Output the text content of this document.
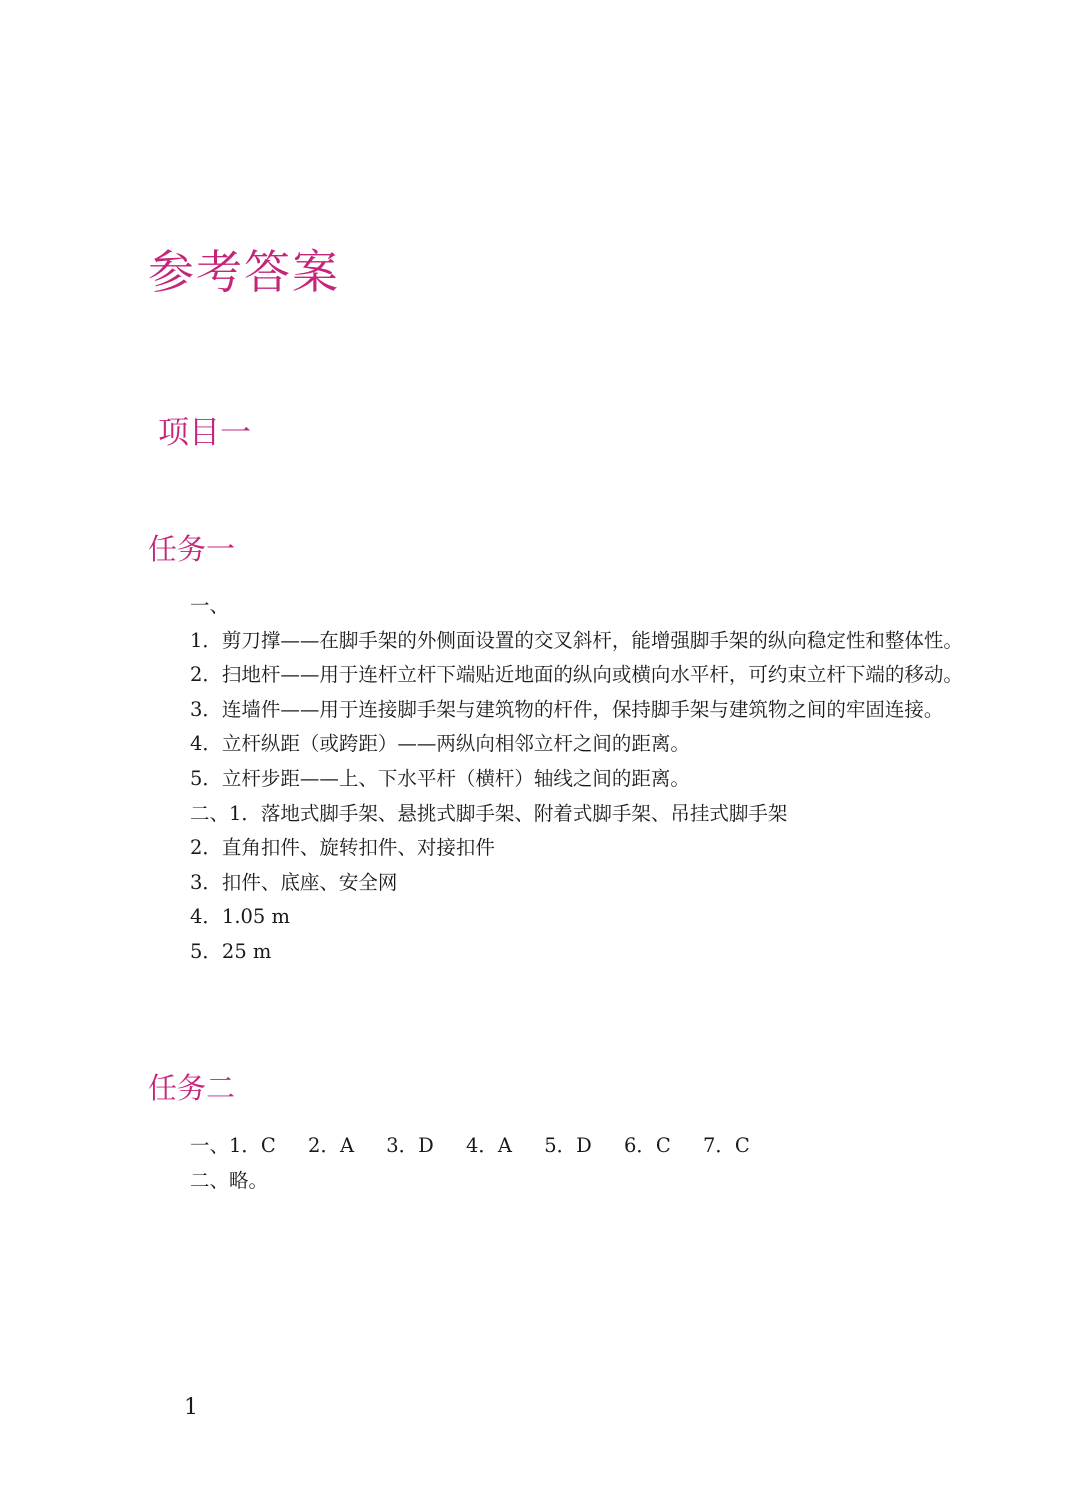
参考答案
项目一
任务一

一、

1．剪刀撑——在脚手架的外侧面设置的交叉斜杆，能增强脚手架的纵向稳定性和整体性。

2．扫地杆——用于连杆立杆下端贴近地面的纵向或横向水平杆，可约束立杆下端的移动。

3．连墙件——用于连接脚手架与建筑物的杆件，保持脚手架与建筑物之间的牢固连接。

4．立杆纵距（或跨距）——两纵向相邻立杆之间的距离。

5．立杆步距——上、下水平杆（横杆）轴线之间的距离。

二、1．落地式脚手架、悬挑式脚手架、附着式脚手架、吊挂式脚手架

2．直角扣件、旋转扣件、对接扣件

3．扣件、底座、安全网

4．1.05 m

5．25 m

任务二

一、1．C 2．A 3．D 4．A 5．D 6．C 7．C

二、略。

1
